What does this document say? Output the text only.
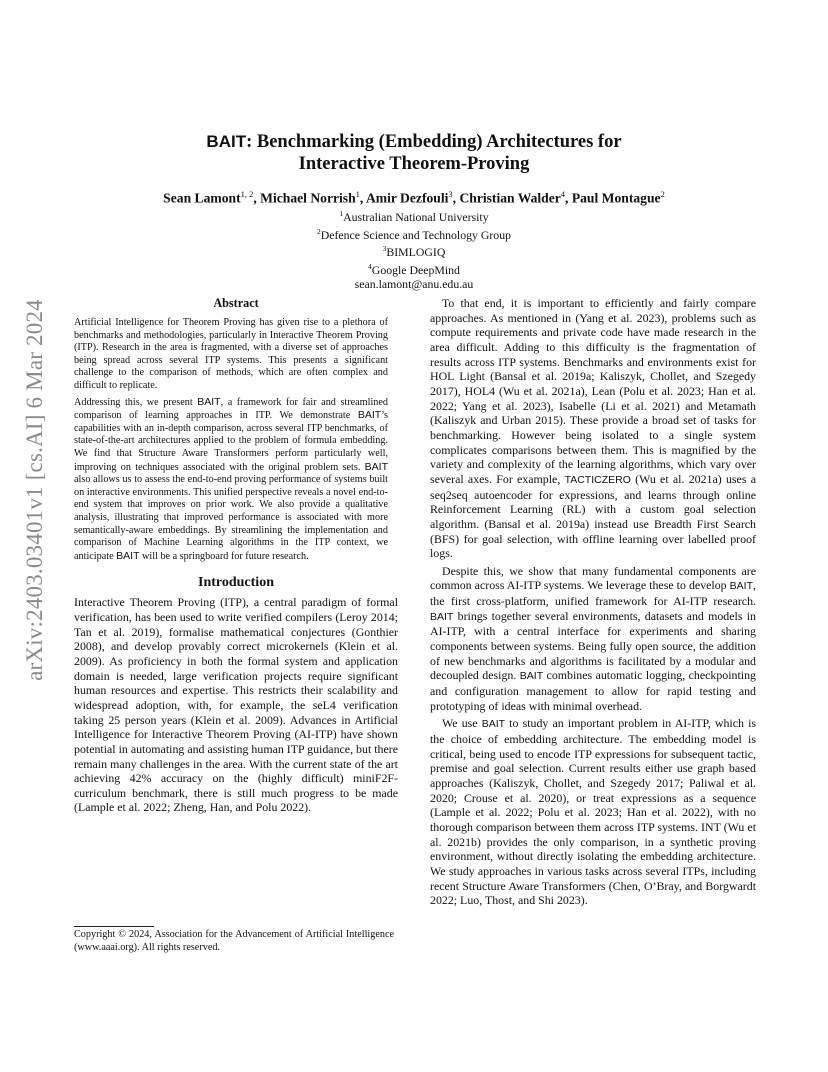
arXiv:2403.03401v1 [cs.AI] 6 Mar 2024
BAIT: Benchmarking (Embedding) Architectures for
Interactive Theorem-Proving
Sean Lamont$^{1, 2}$, Michael Norrish$^1$, Amir Dezfouli$^3$, Christian Walder$^4$, Paul Montague$^2$
$^1$Australian National University
$^2$Defence Science and Technology Group
$^3$BIMLOGIQ
$^4$Google DeepMind
sean.lamont@anu.edu.au
Abstract

Artificial Intelligence for Theorem Proving has given rise to a plethora of benchmarks and methodologies, particularly in Interactive Theorem Proving (ITP). Research in the area is fragmented, with a diverse set of approaches being spread across several ITP systems. This presents a significant challenge to the comparison of methods, which are often complex and difficult to replicate.

Addressing this, we present BAIT, a framework for fair and streamlined comparison of learning approaches in ITP. We demonstrate BAIT’s capabilities with an in-depth comparison, across several ITP benchmarks, of state-of-the-art architectures applied to the problem of formula embedding. We find that Structure Aware Transformers perform particularly well, improving on techniques associated with the original problem sets. BAIT also allows us to assess the end-to-end proving performance of systems built on interactive environments. This unified perspective reveals a novel end-to-end system that improves on prior work. We also provide a qualitative analysis, illustrating that improved performance is associated with more semantically-aware embeddings. By streamlining the implementation and comparison of Machine Learning algorithms in the ITP context, we anticipate BAIT will be a springboard for future research.

Introduction

Interactive Theorem Proving (ITP), a central paradigm of formal verification, has been used to write verified compilers (Leroy 2014; Tan et al. 2019), formalise mathematical conjectures (Gonthier 2008), and develop provably correct microkernels (Klein et al. 2009). As proficiency in both the formal system and application domain is needed, large verification projects require significant human resources and expertise. This restricts their scalability and widespread adoption, with, for example, the seL4 verification taking 25 person years (Klein et al. 2009). Advances in Artificial Intelligence for Interactive Theorem Proving (AI-ITP) have shown potential in automating and assisting human ITP guidance, but there remain many challenges in the area. With the current state of the art achieving 42% accuracy on the (highly difficult) miniF2F-curriculum benchmark, there is still much progress to be made (Lample et al. 2022; Zheng, Han, and Polu 2022).

To that end, it is important to efficiently and fairly compare approaches. As mentioned in (Yang et al. 2023), problems such as compute requirements and private code have made research in the area difficult. Adding to this difficulty is the fragmentation of results across ITP systems. Benchmarks and environments exist for HOL Light (Bansal et al. 2019a; Kaliszyk, Chollet, and Szegedy 2017), HOL4 (Wu et al. 2021a), Lean (Polu et al. 2023; Han et al. 2022; Yang et al. 2023), Isabelle (Li et al. 2021) and Metamath (Kaliszyk and Urban 2015). These provide a broad set of tasks for benchmarking. However being isolated to a single system complicates comparisons between them. This is magnified by the variety and complexity of the learning algorithms, which vary over several axes. For example, TACTICZERO (Wu et al. 2021a) uses a seq2seq autoencoder for expressions, and learns through online Reinforcement Learning (RL) with a custom goal selection algorithm. (Bansal et al. 2019a) instead use Breadth First Search (BFS) for goal selection, with offline learning over labelled proof logs.

Despite this, we show that many fundamental components are common across AI-ITP systems. We leverage these to develop BAIT, the first cross-platform, unified framework for AI-ITP research. BAIT brings together several environments, datasets and models in AI-ITP, with a central interface for experiments and sharing components between systems. Being fully open source, the addition of new benchmarks and algorithms is facilitated by a modular and decoupled design. BAIT combines automatic logging, checkpointing and configuration management to allow for rapid testing and prototyping of ideas with minimal overhead.

We use BAIT to study an important problem in AI-ITP, which is the choice of embedding architecture. The embedding model is critical, being used to encode ITP expressions for subsequent tactic, premise and goal selection. Current results either use graph based approaches (Kaliszyk, Chollet, and Szegedy 2017; Paliwal et al. 2020; Crouse et al. 2020), or treat expressions as a sequence (Lample et al. 2022; Polu et al. 2023; Han et al. 2022), with no thorough comparison between them across ITP systems. INT (Wu et al. 2021b) provides the only comparison, in a synthetic proving environment, without directly isolating the embedding architecture. We study approaches in various tasks across several ITPs, including recent Structure Aware Transformers (Chen, O’Bray, and Borgwardt 2022; Luo, Thost, and Shi 2023).

Copyright © 2024, Association for the Advancement of Artificial Intelligence (www.aaai.org). All rights reserved.
